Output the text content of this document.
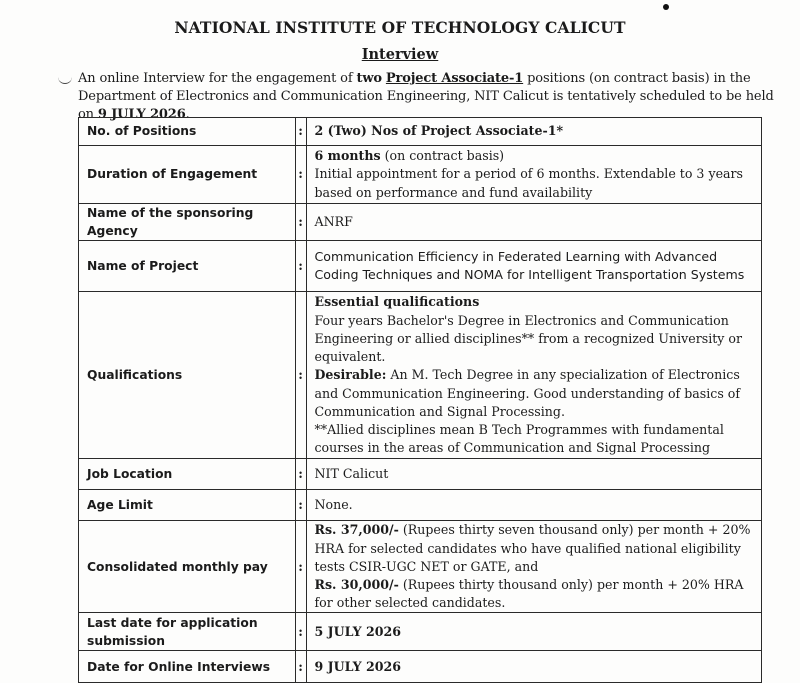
NATIONAL INSTITUTE OF TECHNOLOGY CALICUT
Interview
An online Interview for the engagement of two Project Associate-1 positions (on contract basis) in the Department of Electronics and Communication Engineering, NIT Calicut is tentatively scheduled to be held on 9 JULY 2026.
No. of Positions	:	2 (Two) Nos of Project Associate-1*
Duration of Engagement	:	6 months (on contract basis)
Initial appointment for a period of 6 months. Extendable to 3 years based on performance and fund availability
Name of the sponsoring Agency	:	ANRF
Name of Project	:	Communication Efficiency in Federated Learning with Advanced Coding Techniques and NOMA for Intelligent Transportation Systems
Qualifications	:	Essential qualifications
Four years Bachelor's Degree in Electronics and Communication Engineering or allied disciplines** from a recognized University or equivalent.
Desirable: An M. Tech Degree in any specialization of Electronics and Communication Engineering. Good understanding of basics of Communication and Signal Processing.
**Allied disciplines mean B Tech Programmes with fundamental courses in the areas of Communication and Signal Processing
Job Location	:	NIT Calicut
Age Limit	:	None.
Consolidated monthly pay	:	Rs. 37,000/- (Rupees thirty seven thousand only) per month + 20% HRA for selected candidates who have qualified national eligibility tests CSIR-UGC NET or GATE, and
Rs. 30,000/- (Rupees thirty thousand only) per month + 20% HRA for other selected candidates.
Last date for application submission	:	5 JULY 2026
Date for Online Interviews	:	9 JULY 2026
